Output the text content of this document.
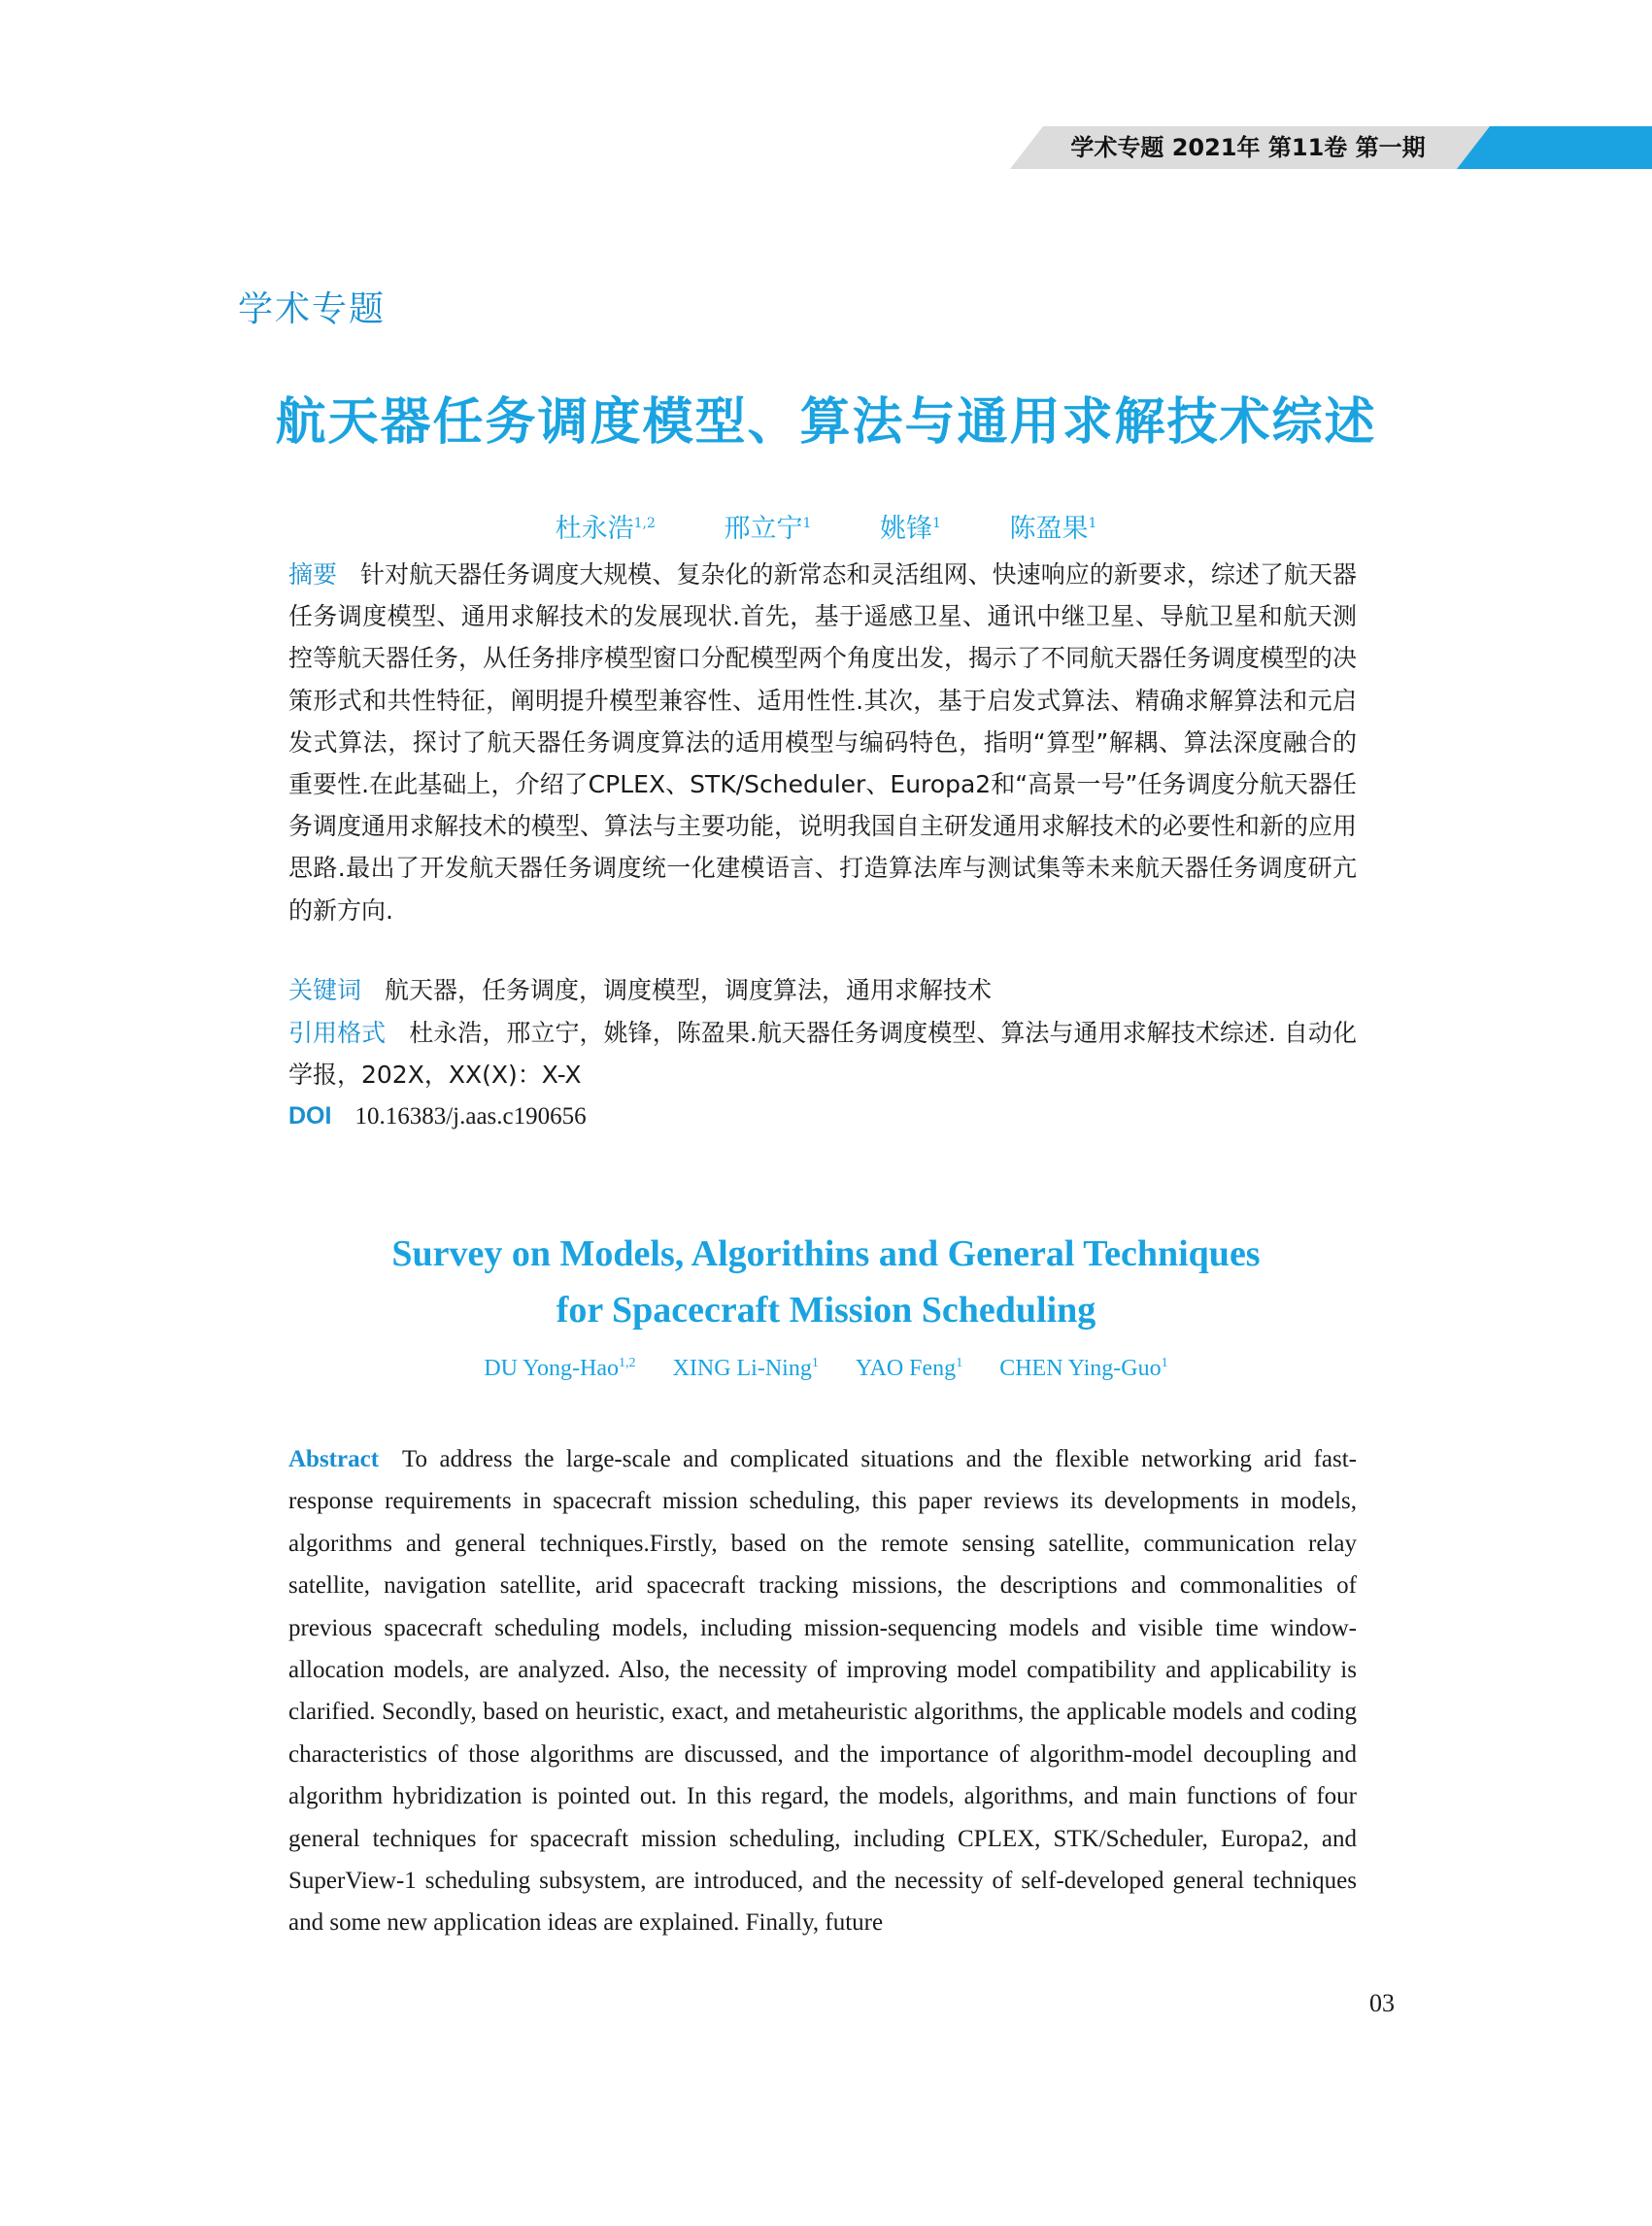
学术专题 2021年 第11卷 第一期
学术专题
航天器任务调度模型、算法与通用求解技术综述
杜永浩$^{1,2}$	邢立宁$^1$	姚锋$^1$	陈盈果$^1$
摘要 针对航天器任务调度大规模、复杂化的新常态和灵活组网、快速响应的新要求，综述了航天器任务调度模型、通用求解技术的发展现状.首先，基于遥感卫星、通讯中继卫星、导航卫星和航天测控等航天器任务，从任务排序模型窗口分配模型两个角度出发，揭示了不同航天器任务调度模型的决策形式和共性特征，阐明提升模型兼容性、适用性性.其次，基于启发式算法、精确求解算法和元启发式算法，探讨了航天器任务调度算法的适用模型与编码特色，指明“算型”解耦、算法深度融合的重要性.在此基础上，介绍了CPLEX、STK/Scheduler、Europa2和“高景一号”任务调度分航天器任务调度通用求解技术的模型、算法与主要功能，说明我国自主研发通用求解技术的必要性和新的应用思路.最出了开发航天器任务调度统一化建模语言、打造算法库与测试集等未来航天器任务调度研亢的新方向.
关键词 航天器，任务调度，调度模型，调度算法，通用求解技术
引用格式 杜永浩，邢立宁，姚锋，陈盈果.航天器任务调度模型、算法与通用求解技术综述. 自动化学报，202X，XX(X)：X-X
DOI 10.16383/j.aas.c190656
Survey on Models, Algorithins and General Techniques
for Spacecraft Mission Scheduling
DU Yong-Hao$^{1,2}$ XING Li-Ning$^1$ YAO Feng$^1$ CHEN Ying-Guo$^1$
Abstract To address the large-scale and complicated situations and the flexible networking arid fast-response requirements in spacecraft mission scheduling, this paper reviews its developments in models, algorithms and general techniques.Firstly, based on the remote sensing satellite, communication relay satellite, navigation satellite, arid spacecraft tracking missions, the descriptions and commonalities of previous spacecraft scheduling models, including mission-sequencing models and visible time window-allocation models, are analyzed. Also, the necessity of improving model compatibility and applicability is clarified. Secondly, based on heuristic, exact, and metaheuristic algorithms, the applicable models and coding characteristics of those algorithms are discussed, and the importance of algorithm-model decoupling and algorithm hybridization is pointed out. In this regard, the models, algorithms, and main functions of four general techniques for spacecraft mission scheduling, including CPLEX, STK/Scheduler, Europa2, and SuperView-1 scheduling subsystem, are introduced, and the necessity of self-developed general techniques and some new application ideas are explained. Finally, future
03
